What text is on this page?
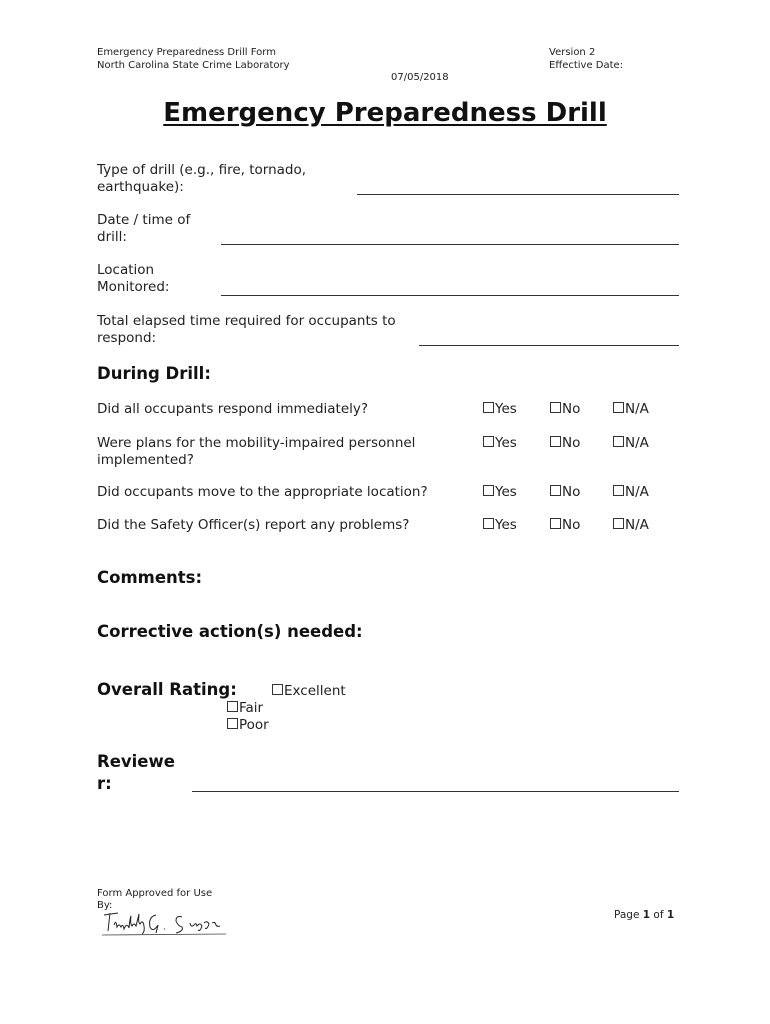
Emergency Preparedness Drill Form
North Carolina State Crime Laboratory
Version 2
Effective Date:
07/05/2018
Emergency Preparedness Drill
Type of drill (e.g., fire, tornado,
earthquake):
Date / time of
drill:
Location
Monitored:
Total elapsed time required for occupants to
respond:
During Drill:
Did all occupants respond immediately?	Yes	No	N/A
Were plans for the mobility-impaired personnel
implemented?
Yes	No	N/A
Did occupants move to the appropriate location?	Yes	No	N/A
Did the Safety Officer(s) report any problems?	Yes	No	N/A
Comments:
Corrective action(s) needed:
Overall Rating:	Excellent
Fair
Poor
Reviewe
r:
Form Approved for Use
By:
Page 1 of 1
